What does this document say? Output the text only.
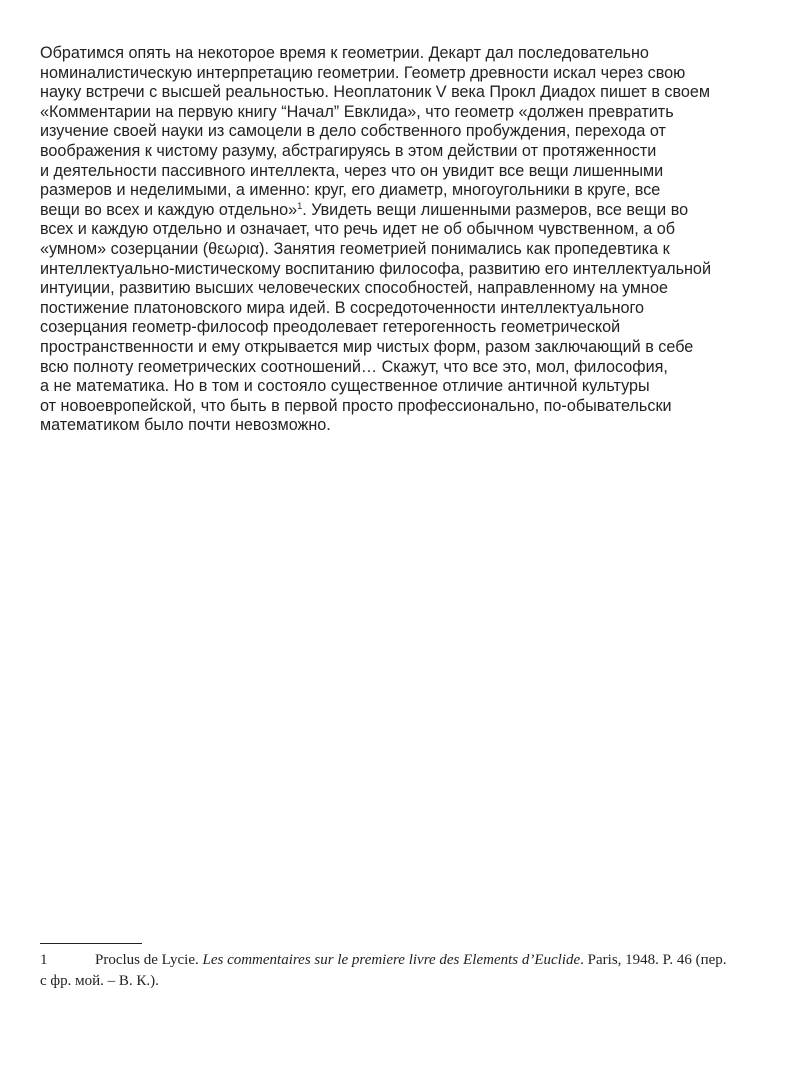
Обратимся опять на некоторое время к геометрии. Декарт дал последовательно
номиналистическую интерпретацию геометрии. Геометр древности искал через свою
науку встречи с высшей реальностью. Неоплатоник V века Прокл Диадох пишет в своем
«Комментарии на первую книгу “Начал” Евклида», что геометр «должен превратить
изучение своей науки из самоцели в дело собственного пробуждения, перехода от
воображения к чистому разуму, абстрагируясь в этом действии от протяженности
и деятельности пассивного интеллекта, через что он увидит все вещи лишенными
размеров и неделимыми, а именно: круг, его диаметр, многоугольники в круге, все
вещи во всех и каждую отдельно»$^1$. Увидеть вещи лишенными размеров, все вещи во
всех и каждую отдельно и означает, что речь идет не об обычном чувственном, а об
«умном» созерцании (θεωρια). Занятия геометрией понимались как пропедевтика к
интеллектуально-мистическому воспитанию философа, развитию его интеллектуальной
интуиции, развитию высших человеческих способностей, направленному на умное
постижение платоновского мира идей. В сосредоточенности интеллектуального
созерцания геометр-философ преодолевает гетерогенность геометрической
пространственности и ему открывается мир чистых форм, разом заключающий в себе
всю полноту геометрических соотношений… Скажут, что все это, мол, философия,
а не математика. Но в том и состояло существенное отличие античной культуры
от новоевропейской, что быть в первой просто профессионально, по-обывательски
математиком было почти невозможно.
1	Proclus de Lycie. Les commentaires sur le premiere livre des Elements d’Euclide. Paris, 1948. P. 46 (пер.
с фр. мой. – В. К.).
